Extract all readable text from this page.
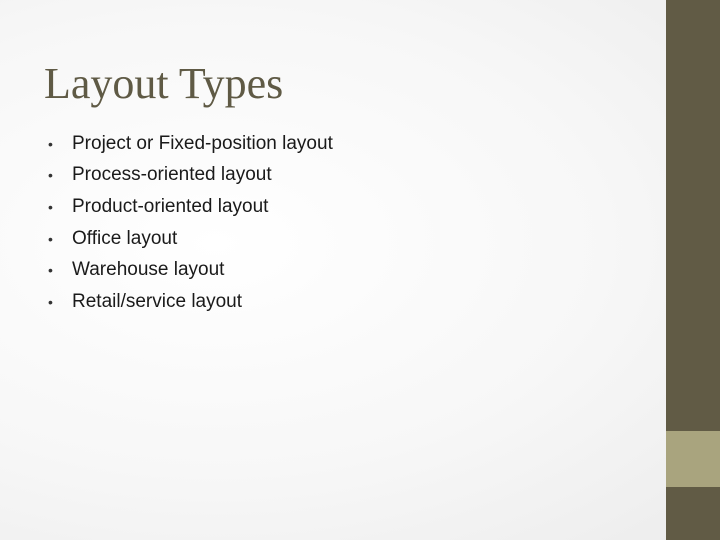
Layout Types
•	Project or Fixed-position layout
•	Process-oriented layout
•	Product-oriented layout
•	Office layout
•	Warehouse layout
•	Retail/service layout
